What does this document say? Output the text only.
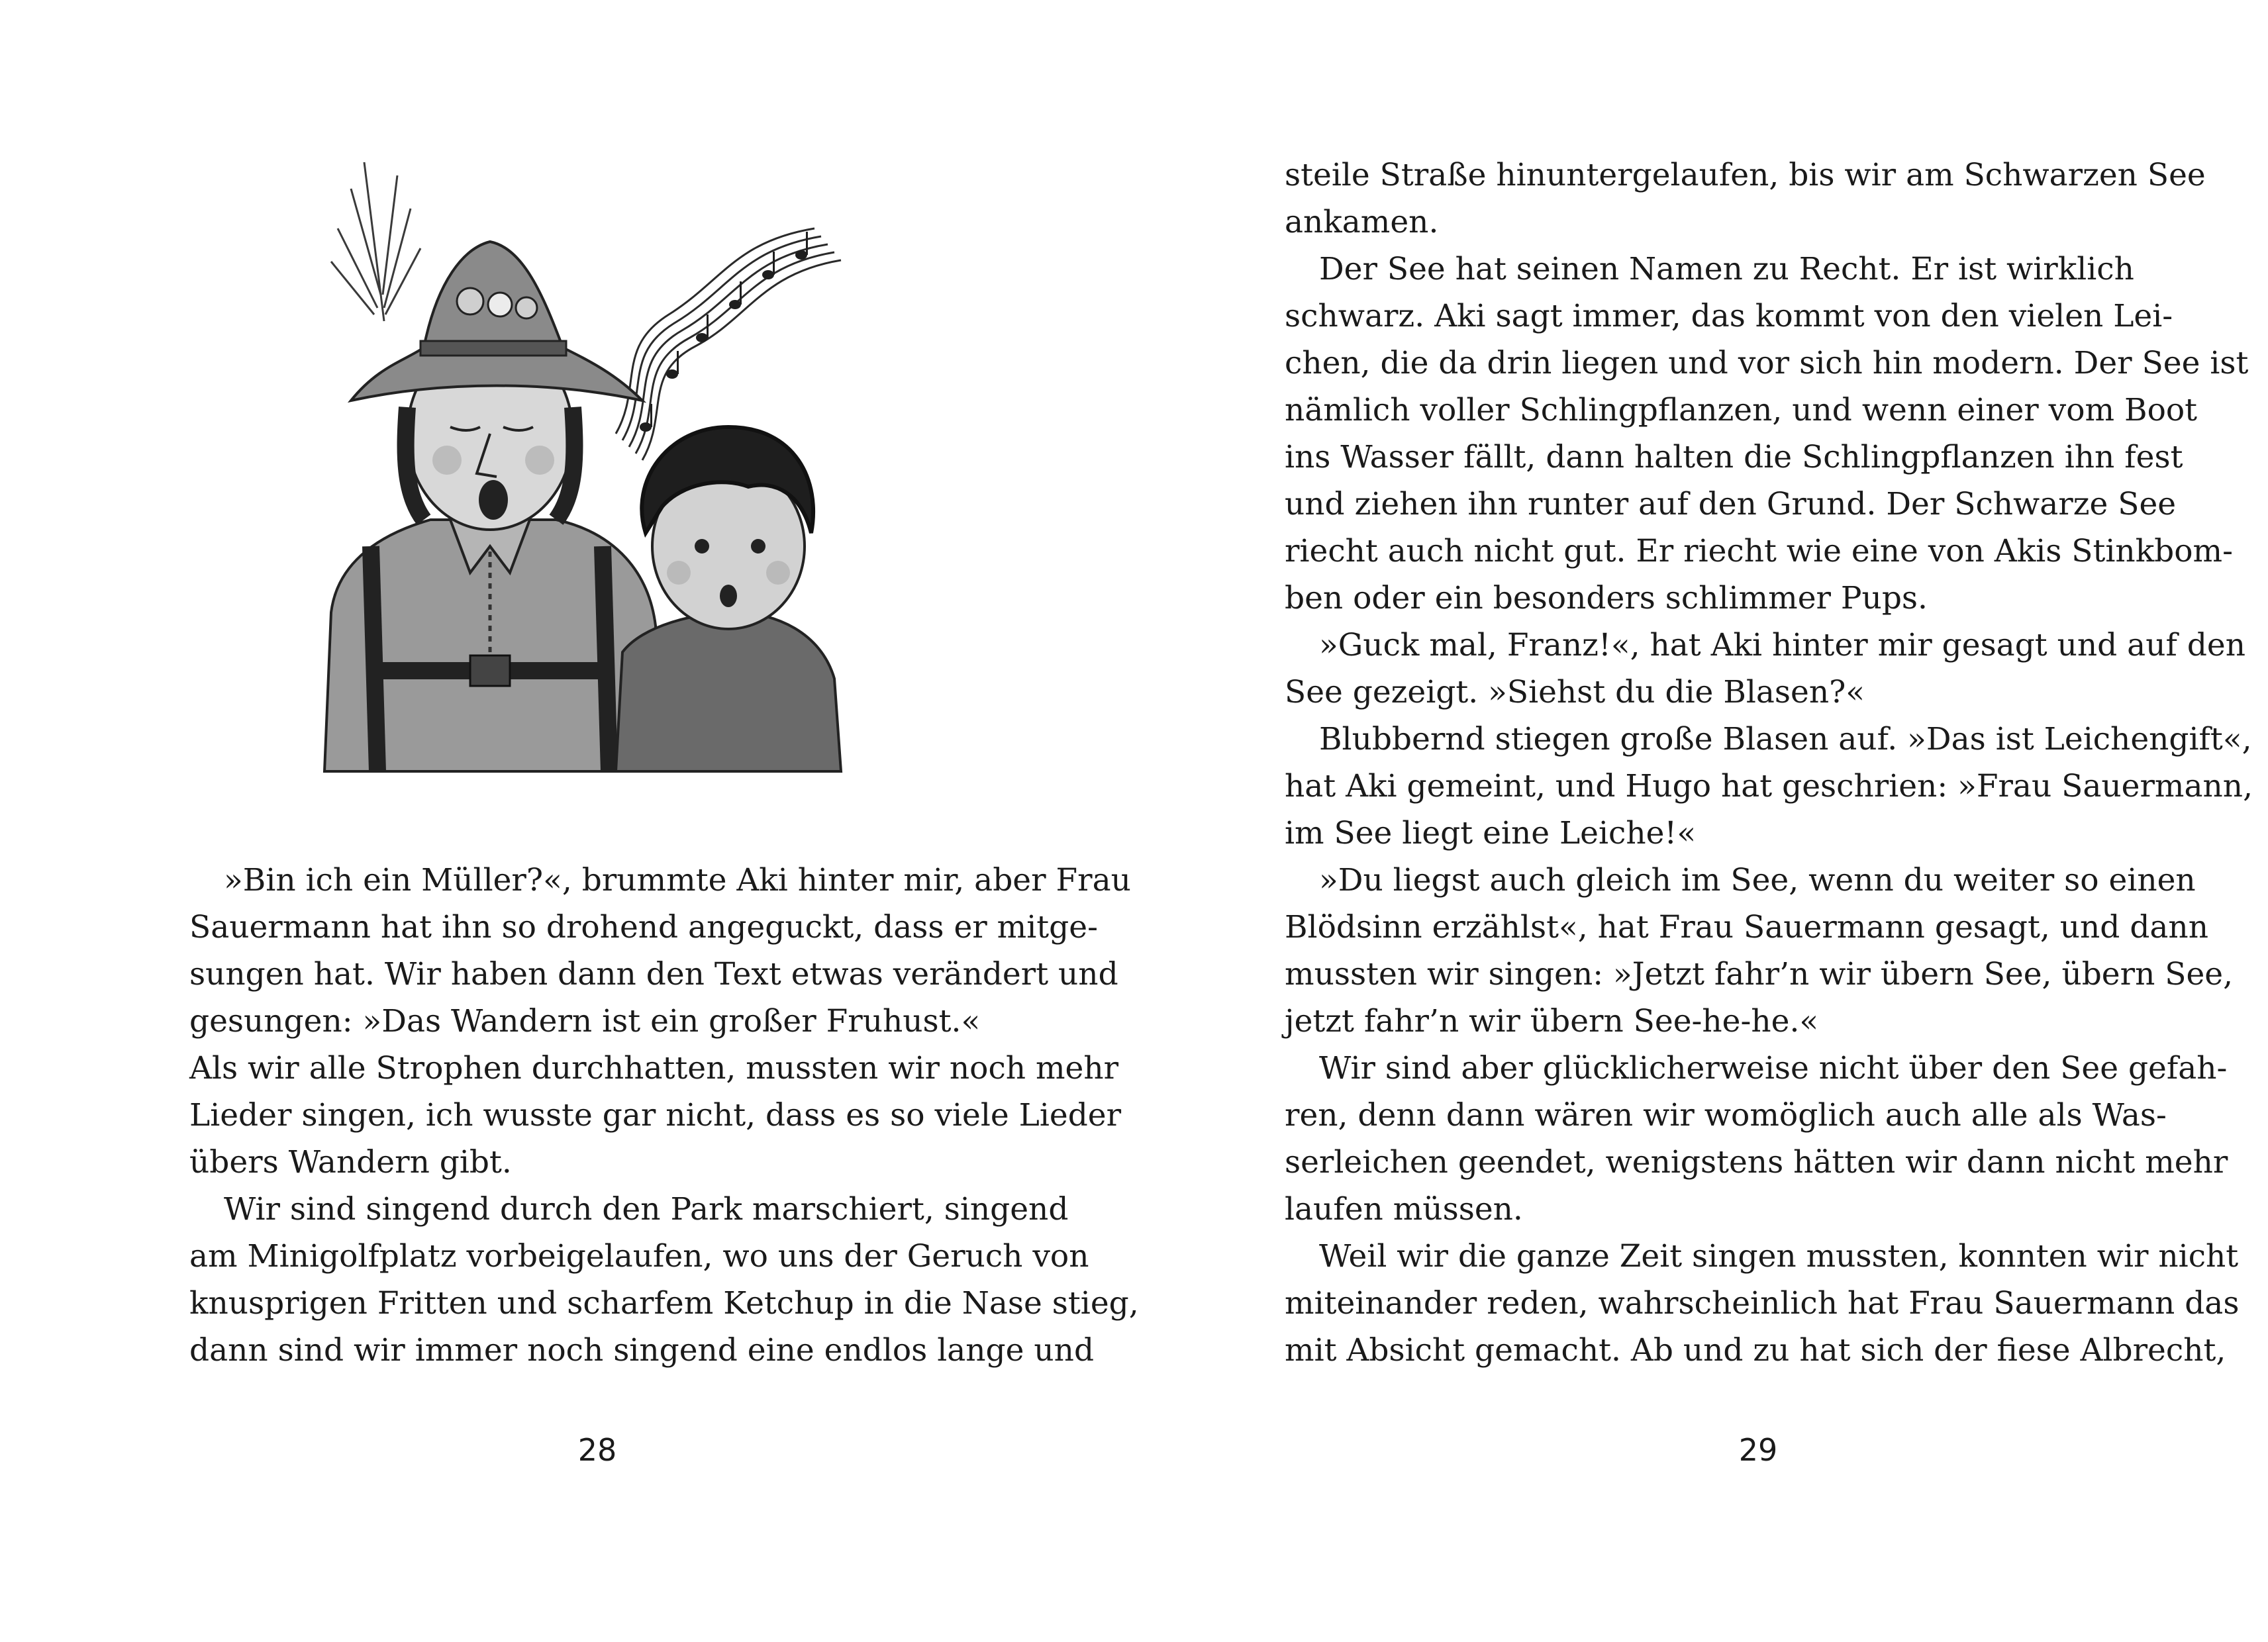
»Bin ich ein Müller?«, brummte Aki hinter mir, aber Frau
Sauermann hat ihn so drohend angeguckt, dass er mitge-
sungen hat. Wir haben dann den Text etwas verändert und
gesungen: »Das Wandern ist ein großer Fruhust.«
Als wir alle Strophen durchhatten, mussten wir noch mehr
Lieder singen, ich wusste gar nicht, dass es so viele Lieder
übers Wandern gibt.
Wir sind singend durch den Park marschiert, singend
am Minigolfplatz vorbeigelaufen, wo uns der Geruch von
knusprigen Fritten und scharfem Ketchup in die Nase stieg,
dann sind wir immer noch singend eine endlos lange und
28
steile Straße hinuntergelaufen, bis wir am Schwarzen See
ankamen.
Der See hat seinen Namen zu Recht. Er ist wirklich
schwarz. Aki sagt immer, das kommt von den vielen Lei-
chen, die da drin liegen und vor sich hin modern. Der See ist
nämlich voller Schlingpflanzen, und wenn einer vom Boot
ins Wasser fällt, dann halten die Schlingpflanzen ihn fest
und ziehen ihn runter auf den Grund. Der Schwarze See
riecht auch nicht gut. Er riecht wie eine von Akis Stinkbom-
ben oder ein besonders schlimmer Pups.
»Guck mal, Franz!«, hat Aki hinter mir gesagt und auf den
See gezeigt. »Siehst du die Blasen?«
Blubbernd stiegen große Blasen auf. »Das ist Leichengift«,
hat Aki gemeint, und Hugo hat geschrien: »Frau Sauermann,
im See liegt eine Leiche!«
»Du liegst auch gleich im See, wenn du weiter so einen
Blödsinn erzählst«, hat Frau Sauermann gesagt, und dann
mussten wir singen: »Jetzt fahr’n wir übern See, übern See,
jetzt fahr’n wir übern See-he-he.«
Wir sind aber glücklicherweise nicht über den See gefah-
ren, denn dann wären wir womöglich auch alle als Was-
serleichen geendet, wenigstens hätten wir dann nicht mehr
laufen müssen.
Weil wir die ganze Zeit singen mussten, konnten wir nicht
miteinander reden, wahrscheinlich hat Frau Sauermann das
mit Absicht gemacht. Ab und zu hat sich der fiese Albrecht,
29
